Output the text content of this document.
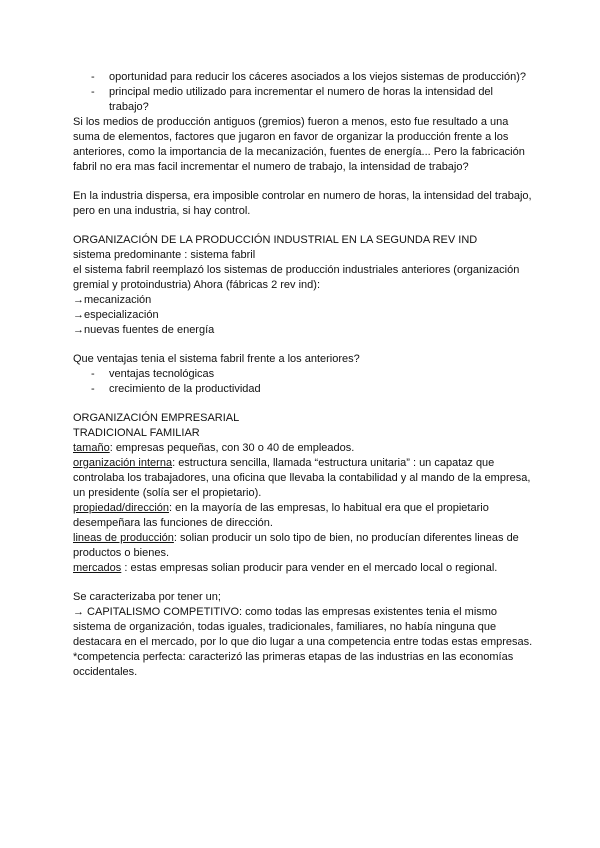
- oportunidad para reducir los cáceres asociados a los viejos sistemas de producción)?
- principal medio utilizado para incrementar el numero de horas la intensidad del trabajo?

Si los medios de producción antiguos (gremios) fueron a menos, esto fue resultado a una suma de elementos, factores que jugaron en favor de organizar la producción frente a los anteriores, como la importancia de la mecanización, fuentes de energía... Pero la fabricación fabril no era mas facil incrementar el numero de trabajo, la intensidad de trabajo?

En la industria dispersa, era imposible controlar en numero de horas, la intensidad del trabajo, pero en una industria, si hay control.

ORGANIZACIÓN DE LA PRODUCCIÓN INDUSTRIAL EN LA SEGUNDA REV IND

sistema predominante : sistema fabril

el sistema fabril reemplazó los sistemas de producción industriales anteriores (organización gremial y protoindustria) Ahora (fábricas 2 rev ind):

→mecanización

→especialización

→nuevas fuentes de energía

Que ventajas tenia el sistema fabril frente a los anteriores?

- ventajas tecnológicas
- crecimiento de la productividad

ORGANIZACIÓN EMPRESARIAL

TRADICIONAL FAMILIAR

tamaño: empresas pequeñas, con 30 o 40 de empleados.

organización interna: estructura sencilla, llamada “estructura unitaria” : un capataz que controlaba los trabajadores, una oficina que llevaba la contabilidad y al mando de la empresa, un presidente (solía ser el propietario).

propiedad/dirección: en la mayoría de las empresas, lo habitual era que el propietario desempeñara las funciones de dirección.

lineas de producción: solian producir un solo tipo de bien, no producían diferentes lineas de productos o bienes.

mercados : estas empresas solian producir para vender en el mercado local o regional.

Se caracterizaba por tener un;

→ CAPITALISMO COMPETITIVO: como todas las empresas existentes tenia el mismo sistema de organización, todas iguales, tradicionales, familiares, no había ninguna que destacara en el mercado, por lo que dio lugar a una competencia entre todas estas empresas. *competencia perfecta: caracterizó las primeras etapas de las industrias en las economías occidentales.
